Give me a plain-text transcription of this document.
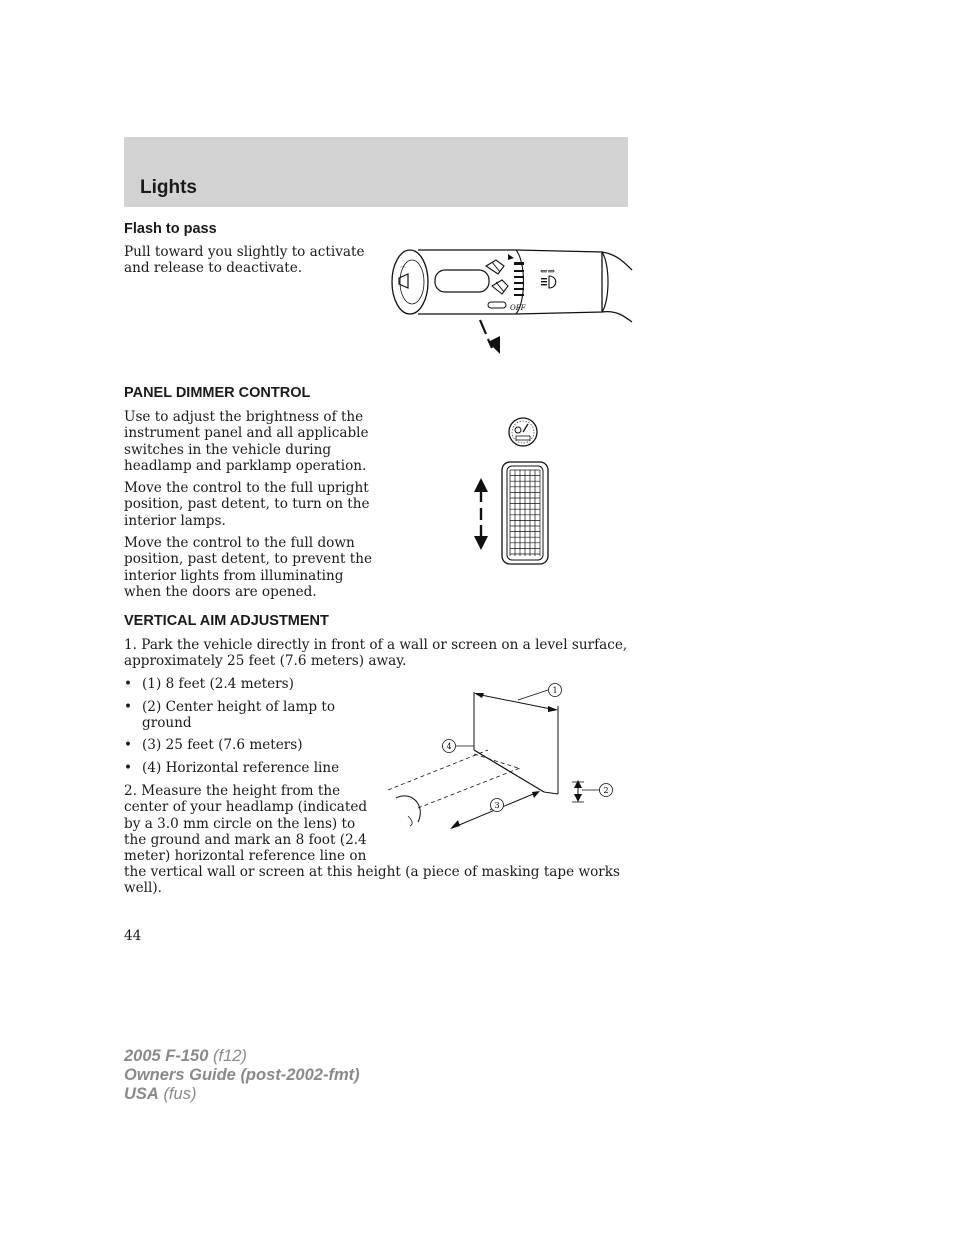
Lights
Flash to pass

Pull toward you slightly to activate and release to deactivate.	⌒
OFF
⇐⇒
PANEL DIMMER CONTROL

Use to adjust the brightness of the instrument panel and all applicable switches in the vehicle during headlamp and parklamp operation.

Move the control to the full upright position, past detent, to turn on the interior lamps.

Move the control to the full down position, past detent, to prevent the interior lights from illuminating when the doors are opened.

VERTICAL AIM ADJUSTMENT

1. Park the vehicle directly in front of a wall or screen on a level surface, approximately 25 feet (7.6 meters) away.

• (1) 8 feet (2.4 meters)
• (2) Center height of lamp to ground
• (3) 25 feet (7.6 meters)
• (4) Horizontal reference line

2. Measure the height from the center of your headlamp (indicated by a 3.0 mm circle on the lens) to the ground and mark an 8 foot (2.4 meter) horizontal reference line on

the vertical wall or screen at this height (a piece of masking tape works well).

1
2
3
4
44
2005 F-150 (f12)
Owners Guide (post-2002-fmt)
USA (fus)
